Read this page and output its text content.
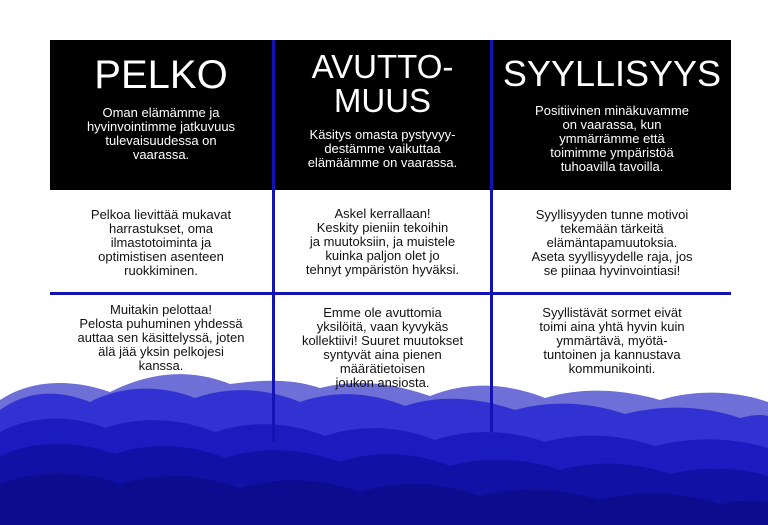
PELKO
Oman elämämme ja
hyvinvointimme jatkuvuus
tulevaisuudessa on
vaarassa.
AVUTTO-
MUUS
Käsitys omasta pystyvyy-
destämme vaikuttaa
elämäämme on vaarassa.
SYYLLISYYS
Positiivinen minäkuvamme
on vaarassa, kun
ymmärrämme että
toimimme ympäristöä
tuhoavilla tavoilla.
Pelkoa lievittää mukavat
harrastukset, oma
ilmastotoiminta ja
optimistisen asenteen
ruokkiminen.
Askel kerrallaan!
Keskity pieniin tekoihin
ja muutoksiin, ja muistele
kuinka paljon olet jo
tehnyt ympäristön hyväksi.
Syyllisyyden tunne motivoi
tekemään tärkeitä
elämäntapamuutoksia.
Aseta syyllisyydelle raja, jos
se piinaa hyvinvointiasi!
Muitakin pelottaa!
Pelosta puhuminen yhdessä
auttaa sen käsittelyssä, joten
älä jää yksin pelkojesi
kanssa.
Emme ole avuttomia
yksilöitä, vaan kyvykäs
kollektiivi! Suuret muutokset
syntyvät aina pienen
määrätietoisen
joukon ansiosta.
Syyllistävät sormet eivät
toimi aina yhtä hyvin kuin
ymmärtävä, myötä-
tuntoinen ja kannustava
kommunikointi.
